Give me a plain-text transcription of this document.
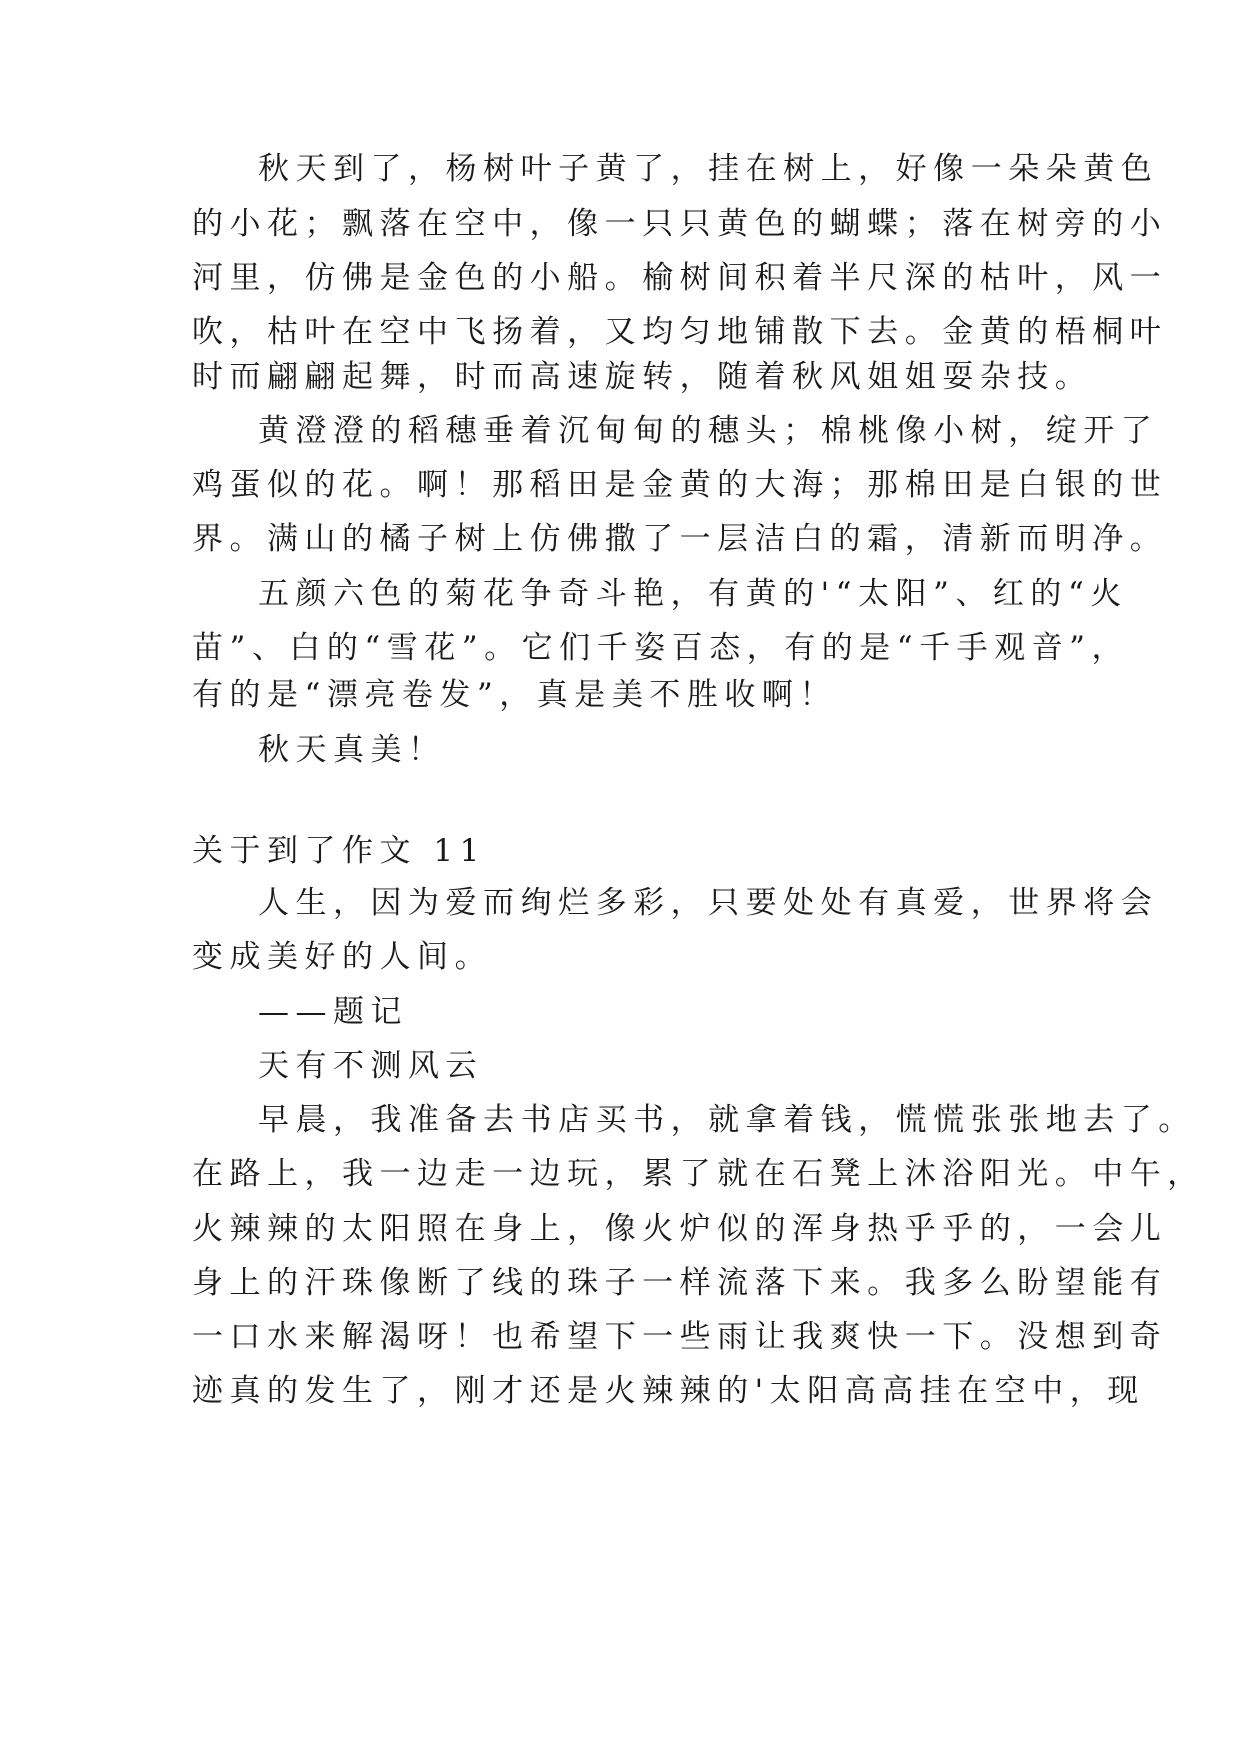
秋天到了，杨树叶子黄了，挂在树上，好像一朵朵黄色
的小花；飘落在空中，像一只只黄色的蝴蝶；落在树旁的小
河里，仿佛是金色的小船。榆树间积着半尺深的枯叶，风一
吹，枯叶在空中飞扬着，又均匀地铺散下去。金黄的梧桐叶
时而翩翩起舞，时而高速旋转，随着秋风姐姐耍杂技。
黄澄澄的稻穗垂着沉甸甸的穗头；棉桃像小树，绽开了
鸡蛋似的花。啊！那稻田是金黄的大海；那棉田是白银的世
界。满山的橘子树上仿佛撒了一层洁白的霜，清新而明净。
五颜六色的菊花争奇斗艳，有黄的'“太阳”、红的“火
苗”、白的“雪花”。它们千姿百态，有的是“千手观音”，
有的是“漂亮卷发”，真是美不胜收啊！
秋天真美！
关于到了作文 11
人生，因为爱而绚烂多彩，只要处处有真爱，世界将会
变成美好的人间。
——题记
天有不测风云
早晨，我准备去书店买书，就拿着钱，慌慌张张地去了。
在路上，我一边走一边玩，累了就在石凳上沐浴阳光。中午，
火辣辣的太阳照在身上，像火炉似的浑身热乎乎的，一会儿
身上的汗珠像断了线的珠子一样流落下来。我多么盼望能有
一口水来解渴呀！也希望下一些雨让我爽快一下。没想到奇
迹真的发生了，刚才还是火辣辣的'太阳高高挂在空中，现
